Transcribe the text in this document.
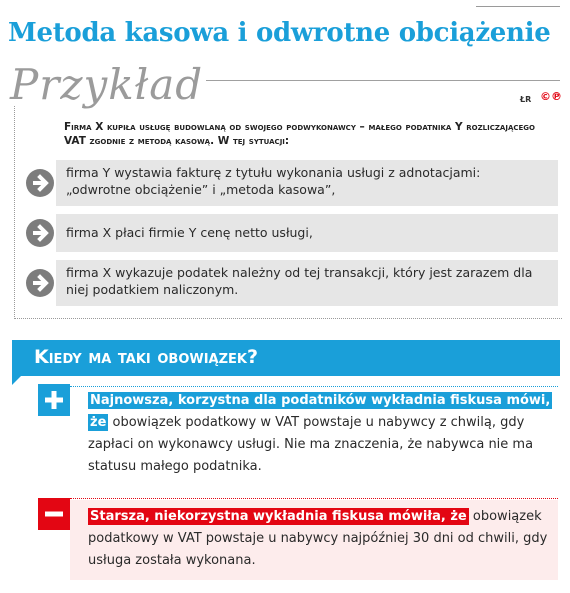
Metoda kasowa i odwrotne obciążenie
Przykład	ŁR ©℗

Firma X kupiła usługę budowlaną od swojego podwykonawcy – małego podatnika Y rozliczającego VAT zgodnie z metodą kasową. W tej sytuacji:

firma Y wystawia fakturę z tytułu wykonania usługi z adnotacjami: „odwrotne obciążenie” i „metoda kasowa”,

firma X płaci firmie Y cenę netto usługi,

firma X wykazuje podatek należny od tej transakcji, który jest zarazem dla niej podatkiem naliczonym.

Kiedy ma taki obowiązek?

Najnowsza, korzystna dla podatników wykładnia fiskusa mówi, że obowiązek podatkowy w VAT powstaje u nabywcy z chwilą, gdy zapłaci on wykonawcy usługi. Nie ma znaczenia, że nabywca nie ma statusu małego podatnika.

Starsza, niekorzystna wykładnia fiskusa mówiła, że obowiązek podatkowy w VAT powstaje u nabywcy najpóźniej 30 dni od chwili, gdy usługa została wykonana.
